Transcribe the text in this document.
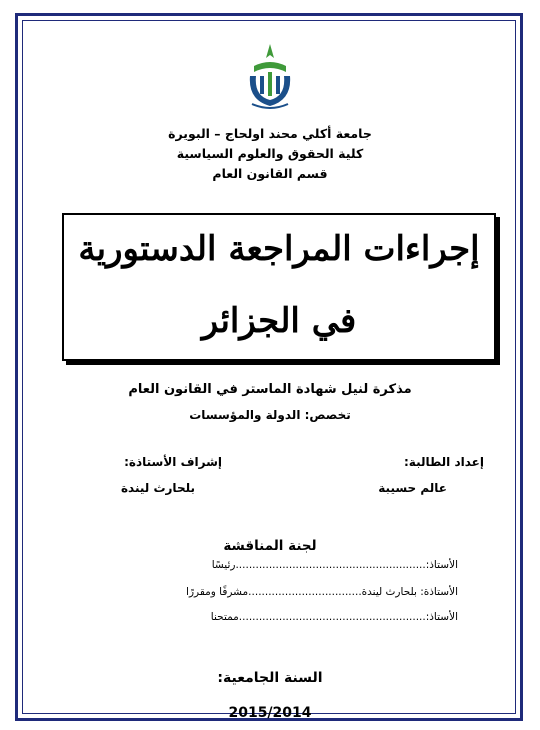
جامعة أكلي محند اولحاج – البويرة
كلية الحقوق والعلوم السياسية
قسم القانون العام
إجراءات المراجعة الدستورية
في الجزائر
مذكرة لنيل شهادة الماستر في القانون العام
تخصص: الدولة والمؤسسات
إعداد الطالبة:
عالم حسيبة
إشراف الأستاذة:
بلحارث ليندة
لجنة المناقشة
الأستاذ:.........................................................رئيسًا
الأستاذة: بلحارث ليندة..................................مشرفًا ومقررًا
الأستاذ:........................................................ممتحنا
السنة الجامعية:
2015/2014
